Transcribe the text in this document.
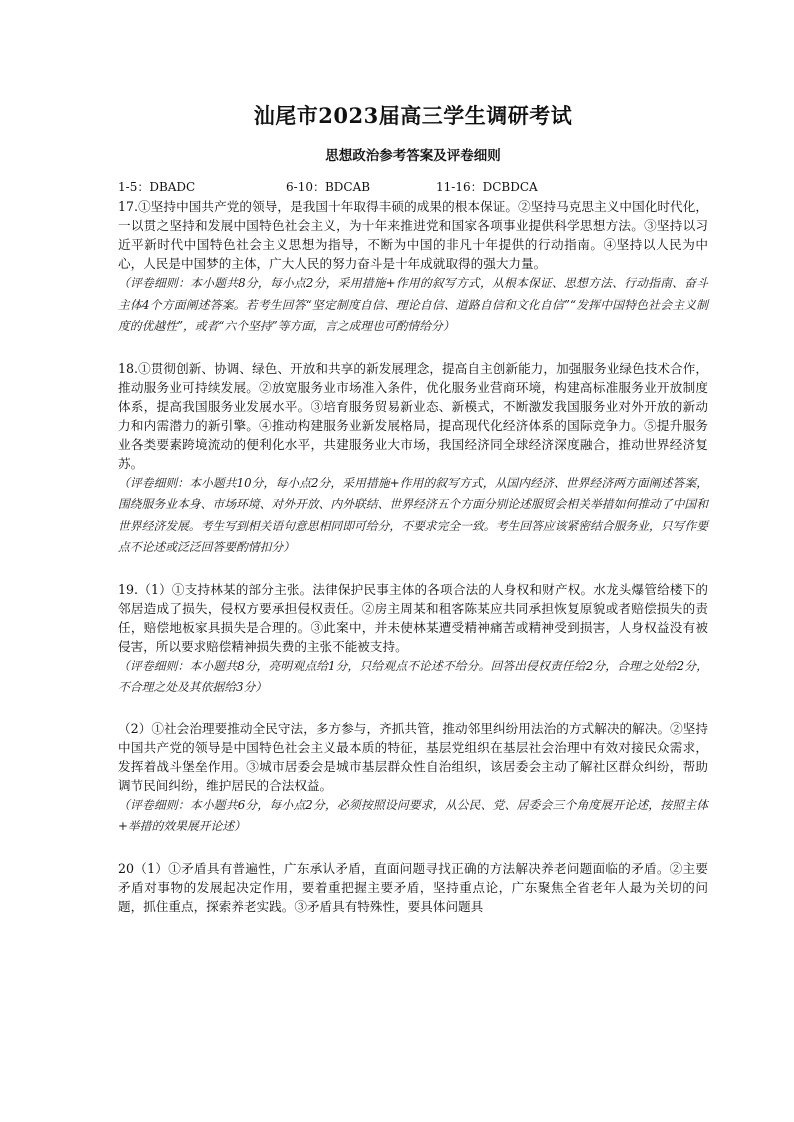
汕尾市2023届高三学生调研考试
思想政治参考答案及评卷细则
1-5：DBADC	6-10：BDCAB	11-16：DCBDCA

17.①坚持中国共产党的领导，是我国十年取得丰硕的成果的根本保证。②坚持马克思主义中国化时代化，一以贯之坚持和发展中国特色社会主义，为十年来推进党和国家各项事业提供科学思想方法。③坚持以习近平新时代中国特色社会主义思想为指导，不断为中国的非凡十年提供的行动指南。④坚持以人民为中心，人民是中国梦的主体，广大人民的努力奋斗是十年成就取得的强大力量。

（评卷细则：本小题共8分，每小点2分，采用措施+作用的叙写方式，从根本保证、思想方法、行动指南、奋斗主体4个方面阐述答案。若考生回答“坚定制度自信、理论自信、道路自信和文化自信”“发挥中国特色社会主义制度的优越性”，或者“六个坚持”等方面，言之成理也可酌情给分）

18.①贯彻创新、协调、绿色、开放和共享的新发展理念，提高自主创新能力，加强服务业绿色技术合作，推动服务业可持续发展。②放宽服务业市场准入条件，优化服务业营商环境，构建高标准服务业开放制度体系，提高我国服务业发展水平。③培育服务贸易新业态、新模式，不断激发我国服务业对外开放的新动力和内需潜力的新引擎。④推动构建服务业新发展格局，提高现代化经济体系的国际竞争力。⑤提升服务业各类要素跨境流动的便利化水平，共建服务业大市场，我国经济同全球经济深度融合，推动世界经济复苏。

（评卷细则：本小题共10分，每小点2分，采用措施+作用的叙写方式，从国内经济、世界经济两方面阐述答案，围绕服务业本身、市场环境、对外开放、内外联结、世界经济五个方面分别论述服贸会相关举措如何推动了中国和世界经济发展。考生写到相关语句意思相同即可给分，不要求完全一致。考生回答应该紧密结合服务业，只写作要点不论述或泛泛回答要酌情扣分）

19.（1）①支持林某的部分主张。法律保护民事主体的各项合法的人身权和财产权。水龙头爆管给楼下的邻居造成了损失，侵权方要承担侵权责任。②房主周某和租客陈某应共同承担恢复原貌或者赔偿损失的责任，赔偿地板家具损失是合理的。③此案中，并未使林某遭受精神痛苦或精神受到损害，人身权益没有被侵害，所以要求赔偿精神损失费的主张不能被支持。

（评卷细则：本小题共8分，亮明观点给1分，只给观点不论述不给分。回答出侵权责任给2分，合理之处给2分，不合理之处及其依据给3分）

（2）①社会治理要推动全民守法，多方参与，齐抓共管，推动邻里纠纷用法治的方式解决的解决。②坚持中国共产党的领导是中国特色社会主义最本质的特征，基层党组织在基层社会治理中有效对接民众需求，发挥着战斗堡垒作用。③城市居委会是城市基层群众性自治组织，该居委会主动了解社区群众纠纷，帮助调节民间纠纷，维护居民的合法权益。

（评卷细则：本小题共6分，每小点2分，必须按照设问要求，从公民、党、居委会三个角度展开论述，按照主体+举措的效果展开论述）

20（1）①矛盾具有普遍性，广东承认矛盾，直面问题寻找正确的方法解决养老问题面临的矛盾。②主要矛盾对事物的发展起决定作用，要着重把握主要矛盾，坚持重点论，广东聚焦全省老年人最为关切的问题，抓住重点，探索养老实践。③矛盾具有特殊性，要具体问题具
